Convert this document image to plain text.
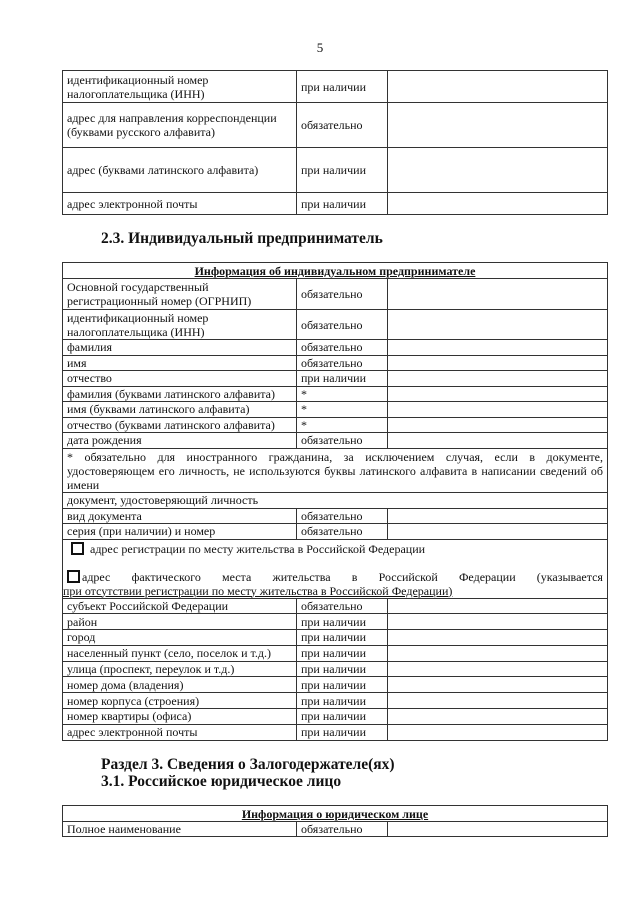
5
идентификационный номер налогоплательщика (ИНН)	при наличии
адрес для направления корреспонденции (буквами русского алфавита)	обязательно
адрес (буквами латинского алфавита)	при наличии
адрес электронной почты	при наличии
2.3. Индивидуальный предприниматель
Информация об индивидуальном предпринимателе
Основной государственный регистрационный номер (ОГРНИП)	обязательно
идентификационный номер налогоплательщика (ИНН)	обязательно
фамилия	обязательно
имя	обязательно
отчество	при наличии
фамилия (буквами латинского алфавита)	*
имя (буквами латинского алфавита)	*
отчество (буквами латинского алфавита)	*
дата рождения	обязательно
* обязательно для иностранного гражданина, за исключением случая, если в документе, удостоверяющем его личность, не используются буквы латинского алфавита в написании сведений об имени
документ, удостоверяющий личность
вид документа	обязательно
серия (при наличии) и номер	обязательно
адрес регистрации по месту жительства в Российской Федерации
адрес фактического места жительства в Российской Федерации (указывается
при отсутствии регистрации по месту жительства в Российской Федерации)
субъект Российской Федерации	обязательно
район	при наличии
город	при наличии
населенный пункт (село, поселок и т.д.)	при наличии
улица (проспект, переулок и т.д.)	при наличии
номер дома (владения)	при наличии
номер корпуса (строения)	при наличии
номер квартиры (офиса)	при наличии
адрес электронной почты	при наличии
Раздел 3. Сведения о Залогодержателе(ях)
3.1. Российское юридическое лицо
Информация о юридическом лице
Полное наименование	обязательно
